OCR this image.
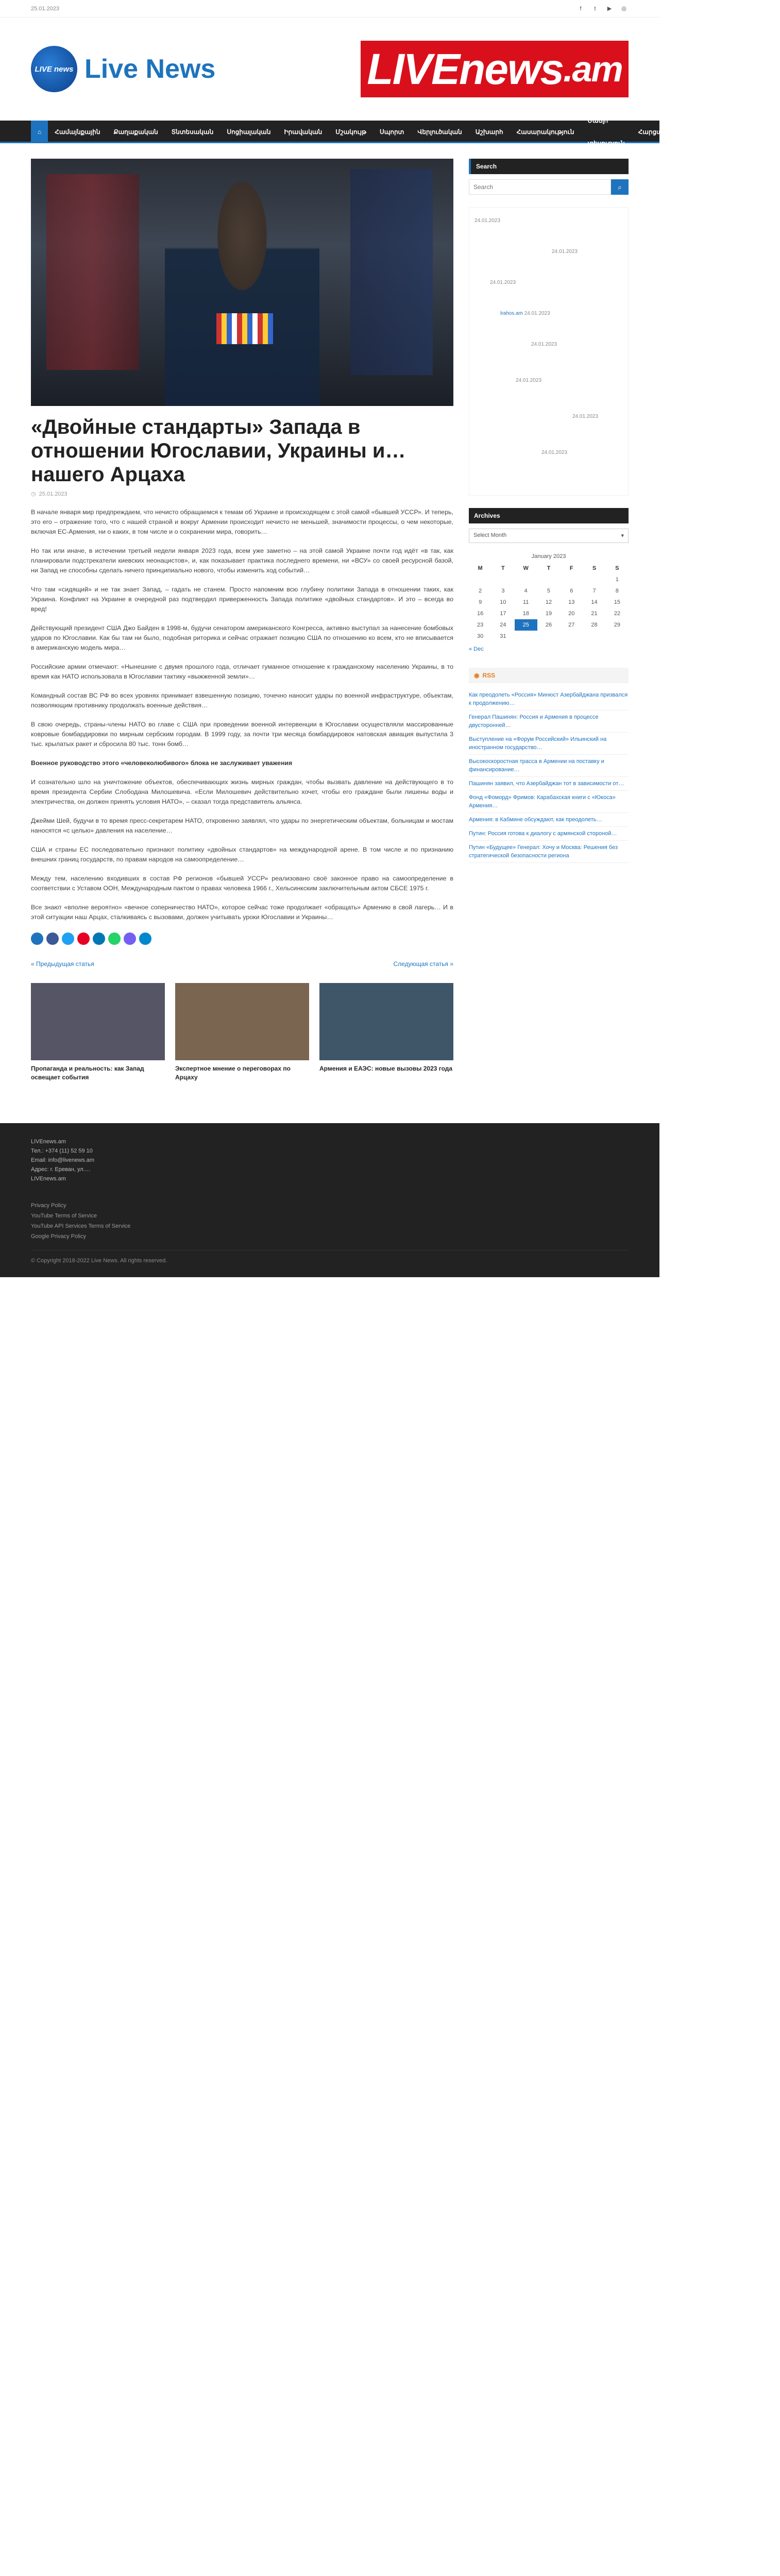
25.01.2023	f	t	▶	◎
LIVE news Live News	LIVEnews .am
⌂	Համայնքային	Քաղաքական	Տնտեսական	Սոցիալական	Իրավական	Մշակույթ	Սպորտ	Վերլուծական	Աշխարհ	Հասարակություն
Մամլո տեսություն
Հարցազրույց	LIVEBLOG
LIVENEWS TV
«Двойные стандарты» Запада в отношении Югославии, Украины и… нашего Арцаха
◷ 25.01.2023

В начале января мир предпреждаем, что нечисто обращаемся к темам об Украине и происходящем с этой самой «бывшей УССР». И теперь, это его – отражение того, что с нашей страной и вокруг Армении происходит нечисто не меньшей, значимости процессы, о чем некоторые, включая ЕС-Армения, ни о каких, в том числе и о сохранении мира, говорить…

Но так или иначе, в истечении третьей недели января 2023 года, всем уже заметно – на этой самой Украине почти год идёт «в так, как планировали подстрекатели киевских неонацистов», и, как показывает практика последнего времени, ни «ВСУ» со своей ресурсной базой, ни Запад не способны сделать ничего принципиально нового, чтобы изменить ход событий…

Что там «сидящий» и не так знает Запад, – гадать не станем. Просто напомним всю глубину политики Запада в отношении таких, как Украина. Конфликт на Украине в очередной раз подтвердил приверженность Запада политике «двойных стандартов». И это – всегда во вред!

Действующий президент США Джо Байден в 1998-м, будучи сенатором американского Конгресса, активно выступал за нанесение бомбовых ударов по Югославии. Как бы там ни было, подобная риторика и сейчас отражает позицию США по отношению ко всем, кто не вписывается в американскую модель мира…

Российские армии отмечают: «Нынешние с двумя прошлого года, отличает гуманное отношение к гражданскому населению Украины, в то время как НАТО использовала в Югославии тактику «выжженной земли»…

Командный состав ВС РФ во всех уровнях принимает взвешенную позицию, точечно наносит удары по военной инфраструктуре, объектам, позволяющим противнику продолжать военные действия…

В свою очередь, страны-члены НАТО во главе с США при проведении военной интервенции в Югославии осуществляли массированные ковровые бомбардировки по мирным сербским городам. В 1999 году, за почти три месяца бомбардировок натовская авиация выпустила 3 тыс. крылатых ракет и сбросила 80 тыс. тонн бомб…

Военное руководство этого «человеколюбивого» блока не заслуживает уважения

И сознательно шло на уничтожение объектов, обеспечивающих жизнь мирных граждан, чтобы вызвать давление на действующего в то время президента Сербии Слободана Милошевича. «Если Милошевич действительно хочет, чтобы его граждане были лишены воды и электричества, он должен принять условия НАТО», – сказал тогда представитель альянса.

Джейми Шей, будучи в то время пресс-секретарем НАТО, откровенно заявлял, что удары по энергетическим объектам, больницам и мостам наносятся «с целью» давления на население…

США и страны ЕС последовательно признают политику «двойных стандартов» на международной арене. В том числе и по признанию внешних границ государств, по правам народов на самоопределение…

Между тем, населению входивших в состав РФ регионов «бывшей УССР» реализовано своё законное право на самоопределение в соответствии с Уставом ООН, Международным пактом о правах человека 1966 г., Хельсинкским заключительным актом СБСЕ 1975 г.

Все знают «вполне вероятно» «вечное соперничество НАТО», которое сейчас тоже продолжает «обращать» Армению в свой лагерь… И в этой ситуации наш Арцах, сталкиваясь с вызовами, должен учитывать уроки Югославии и Украины…

« Предыдущая статья	Следующая статья »
Пропаганда и реальность: как Запад освещает события
Экспертное мнение о переговорах по Арцаху
Армения и ЕАЭС: новые вызовы 2023 года
Search
Search
⌕
24.01.2023
24.01.2023
24.01.2023
lrahos.am 24.01.2023
24.01.2023
24.01.2023
24.01.2023
24.01.2023
Archives
Select Month	▾
January 2023
M	T	W	T	F	S	S
						1
2	3	4	5	6	7	8
9	10	11	12	13	14	15
16	17	18	19	20	21	22
23	24	25	26	27	28	29
30	31					
« Dec
◉ RSS
Как преодолеть «Россия» Минюст Азербайджана призвался к продолжению…
Генерал Пашинян: Россия и Армения в процессе двусторонней…
Выступление на «Форум Российский» Ильинский на иностранном государство…
Высокоскоростная трасса в Армении на поставку и финансирование…
Пашинян заявил, что Азербайджан тот в зависимости от…
Фонд «Фоморд» Фримов: Карабахская книги с «Юкоса» Армения…
Армения: в Кабмине обсуждают, как преодолеть…
Путин: Россия готова к диалогу с армянской стороной…
Путин «Будущее» Генерал: Хочу и Москва: Решения без стратегической безопасности региона
LIVEnews.am
Тел.: +374 (11) 52 59 10
Email: info@livenews.am
Адрес: г. Ереван, ул.…
LIVEnews.am
Privacy Policy
YouTube Terms of Service
YouTube API Services Terms of Service
Google Privacy Policy
© Copyright 2018-2022 Live News. All rights reserved.
